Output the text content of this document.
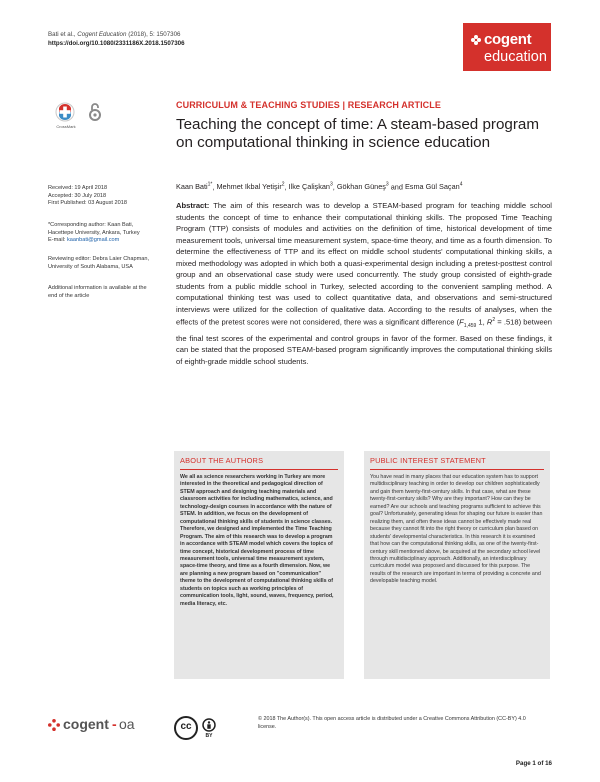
Bati et al., Cogent Education (2018), 5: 1507306
https://doi.org/10.1080/2331186X.2018.1507306	cogent
education
CrossMark
CURRICULUM & TEACHING STUDIES | RESEARCH ARTICLE
Teaching the concept of time: A steam-based program on computational thinking in science education
Kaan Bati$^{1*}$, Mehmet Ikbal Yetişir$^2$, Ilke Çalişkan$^3$, Gökhan Güneş$^3$ and Esma Gül Saçan$^4$
Received: 19 April 2018
Accepted: 30 July 2018
First Published: 03 August 2018
*Corresponding author: Kaan Bati, Hacettepe University, Ankara, Turkey
E-mail: kaanbati@gmail.com
Reviewing editor: Debra Laier Chapman, University of South Alabama, USA
Additional information is available at the end of the article
Abstract: The aim of this research was to develop a STEAM-based program for teaching middle school students the concept of time to enhance their computational thinking skills. The proposed Time Teaching Program (TTP) consists of modules and activities on the definition of time, historical development of time measurement tools, universal time measurement system, space-time theory, and time as a fourth dimension. To determine the effectiveness of TTP and its effect on middle school students' computational thinking skills, a mixed methodology was adopted in which both a quasi-experimental design including a pretest-posttest control group and an observational case study were used concurrently. The study group consisted of eighth-grade students from a public middle school in Turkey, selected according to the convenient sampling method. A computational thinking test was used to collect quantitative data, and observations and semi-structured interviews were utilized for the collection of qualitative data. According to the results of analyses, when the effects of the pretest scores were not considered, there was a significant difference ($F_{1,459}$ 1, $R^2 = .518$) between the final test scores of the experimental and control groups in favor of the former. Based on these findings, it can be stated that the proposed STEAM-based program significantly improves the computational thinking skills of eighth-grade middle school students.
ABOUT THE AUTHORS
We all as science researchers working in Turkey are more interested in the theoretical and pedagogical direction of STEM approach and designing teaching materials and classroom activities for including mathematics, science, and technology-design courses in accordance with the nature of STEM. In addition, we focus on the development of computational thinking skills of students in science classes. Therefore, we designed and implemented the Time Teaching Program. The aim of this research was to develop a program in accordance with STEAM model which covers the topics of time concept, historical development process of time measurement tools, universal time measurement system, space-time theory, and time as a fourth dimension. Now, we are planning a new program based on "communication" theme to the development of computational thinking skills of students on topics such as working principles of communication tools, light, sound, waves, frequency, period, media literacy, etc.
PUBLIC INTEREST STATEMENT
You have read in many places that our education system has to support multidisciplinary teaching in order to develop our children sophisticatedly and gain them twenty-first-century skills. In that case, what are these twenty-first-century skills? Why are they important? How can they be earned? Are our schools and teaching programs sufficient to achieve this goal? Unfortunately, generating ideas for shaping our future is easier than realizing them, and often these ideas cannot be effectively made real because they cannot fit into the right theory or curriculum plan based on students' developmental characteristics. In this research it is examined that how can the computational thinking skills, as one of the twenty-first-century skill mentioned above, be acquired at the secondary school level through multidisciplinary approach. Additionally, an interdisciplinary curriculum model was proposed and discussed for this purpose. The results of the research are important in terms of providing a concrete and developable teaching model.
cogent - oa	cc
BY
© 2018 The Author(s). This open access article is distributed under a Creative Commons Attribution (CC-BY) 4.0 license.
Page 1 of 16
